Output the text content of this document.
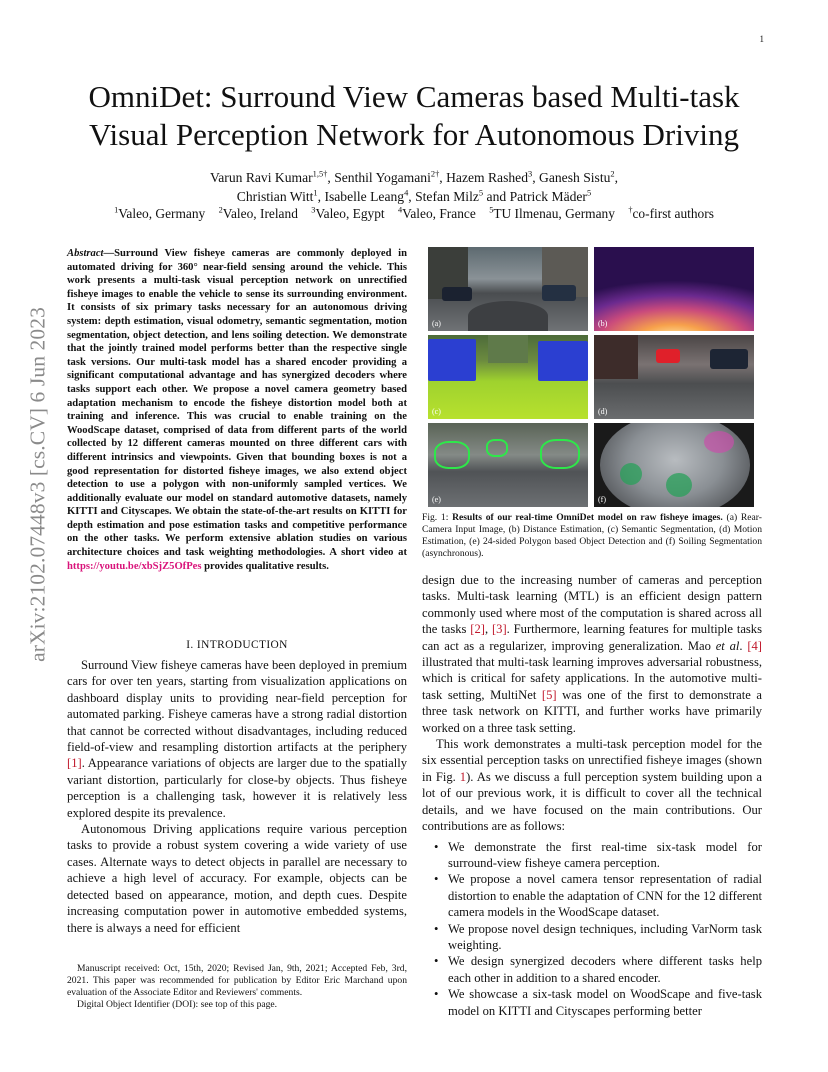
1
arXiv:2102.07448v3 [cs.CV] 6 Jun 2023
OmniDet: Surround View Cameras based Multi-task
Visual Perception Network for Autonomous Driving
Varun Ravi Kumar$^{1,5\dagger}$, Senthil Yogamani$^{2\dagger}$, Hazem Rashed$^3$, Ganesh Sistu$^2$,
Christian Witt$^1$, Isabelle Leang$^4$, Stefan Milz$^5$ and Patrick Mäder$^5$
$^1$Valeo, Germany $^2$Valeo, Ireland $^3$Valeo, Egypt $^4$Valeo, France $^5$TU Ilmenau, Germany †co-first authors
Abstract—Surround View fisheye cameras are commonly deployed in automated driving for 360° near-field sensing around the vehicle. This work presents a multi-task visual perception network on unrectified fisheye images to enable the vehicle to sense its surrounding environment. It consists of six primary tasks necessary for an autonomous driving system: depth estimation, visual odometry, semantic segmentation, motion segmentation, object detection, and lens soiling detection. We demonstrate that the jointly trained model performs better than the respective single task versions. Our multi-task model has a shared encoder providing a significant computational advantage and has synergized decoders where tasks support each other. We propose a novel camera geometry based adaptation mechanism to encode the fisheye distortion model both at training and inference. This was crucial to enable training on the WoodScape dataset, comprised of data from different parts of the world collected by 12 different cameras mounted on three different cars with different intrinsics and viewpoints. Given that bounding boxes is not a good representation for distorted fisheye images, we also extend object detection to use a polygon with non-uniformly sampled vertices. We additionally evaluate our model on standard automotive datasets, namely KITTI and Cityscapes. We obtain the state-of-the-art results on KITTI for depth estimation and pose estimation tasks and competitive performance on the other tasks. We perform extensive ablation studies on various architecture choices and task weighting methodologies. A short video at https://youtu.be/xbSjZ5OfPes provides qualitative results.
I. INTRODUCTION

Surround View fisheye cameras have been deployed in premium cars for over ten years, starting from visualization applications on dashboard display units to providing near-field perception for automated parking. Fisheye cameras have a strong radial distortion that cannot be corrected without disadvantages, including reduced field-of-view and resampling distortion artifacts at the periphery [1]. Appearance variations of objects are larger due to the spatially variant distortion, particularly for close-by objects. Thus fisheye perception is a challenging task, however it is relatively less explored despite its prevalence.

Autonomous Driving applications require various perception tasks to provide a robust system covering a wide variety of use cases. Alternate ways to detect objects in parallel are necessary to achieve a high level of accuracy. For example, objects can be detected based on appearance, motion, and depth cues. Despite increasing computation power in automotive embedded systems, there is always a need for efficient

Manuscript received: Oct, 15th, 2020; Revised Jan, 9th, 2021; Accepted Feb, 3rd, 2021. This paper was recommended for publication by Editor Eric Marchand upon evaluation of the Associate Editor and Reviewers' comments.

Digital Object Identifier (DOI): see top of this page.

(a)	(b)
(c)	(d)
(e)	(f)
Fig. 1: Results of our real-time OmniDet model on raw fisheye images. (a) Rear-Camera Input Image, (b) Distance Estimation, (c) Semantic Segmentation, (d) Motion Estimation, (e) 24-sided Polygon based Object Detection and (f) Soiling Segmentation (asynchronous).

design due to the increasing number of cameras and perception tasks. Multi-task learning (MTL) is an efficient design pattern commonly used where most of the computation is shared across all the tasks [2], [3]. Furthermore, learning features for multiple tasks can act as a regularizer, improving generalization. Mao et al. [4] illustrated that multi-task learning improves adversarial robustness, which is critical for safety applications. In the automotive multi-task setting, MultiNet [5] was one of the first to demonstrate a three task network on KITTI, and further works have primarily worked on a three task setting.

This work demonstrates a multi-task perception model for the six essential perception tasks on unrectified fisheye images (shown in Fig. 1). As we discuss a full perception system building upon a lot of our previous work, it is difficult to cover all the technical details, and we have focused on the main contributions. Our contributions are as follows:

• We demonstrate the first real-time six-task model for surround-view fisheye camera perception.
• We propose a novel camera tensor representation of radial distortion to enable the adaptation of CNN for the 12 different camera models in the WoodScape dataset.
• We propose novel design techniques, including VarNorm task weighting.
• We design synergized decoders where different tasks help each other in addition to a shared encoder.
• We showcase a six-task model on WoodScape and five-task model on KITTI and Cityscapes performing better
